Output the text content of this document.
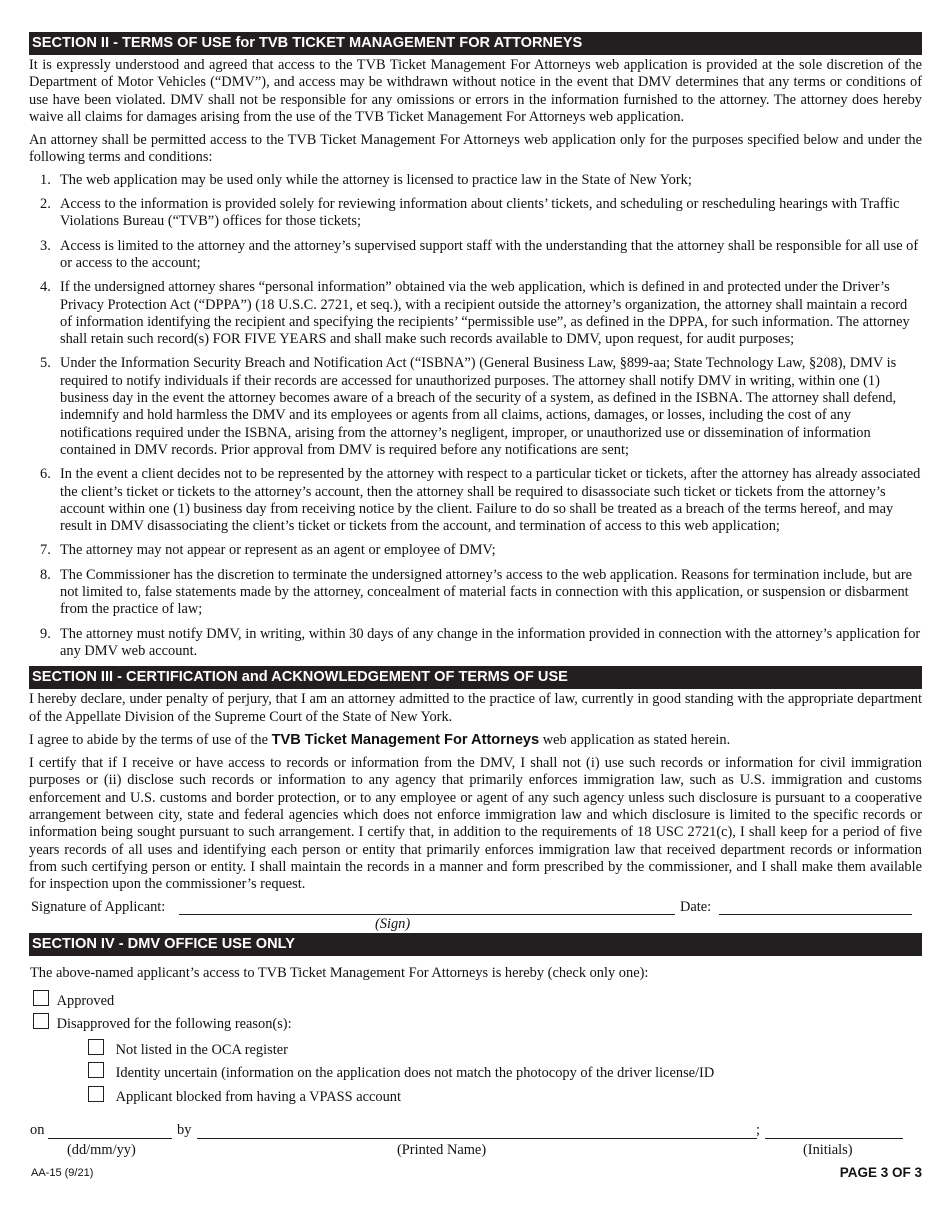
SECTION II - TERMS OF USE for TVB TICKET MANAGEMENT FOR ATTORNEYS

It is expressly understood and agreed that access to the TVB Ticket Management For Attorneys web application is provided at the sole discretion of the Department of Motor Vehicles (“DMV”), and access may be withdrawn without notice in the event that DMV determines that any terms or conditions of use have been violated. DMV shall not be responsible for any omissions or errors in the information furnished to the attorney. The attorney does hereby waive all claims for damages arising from the use of the TVB Ticket Management For Attorneys web application.

An attorney shall be permitted access to the TVB Ticket Management For Attorneys web application only for the purposes specified below and under the following terms and conditions:

1. The web application may be used only while the attorney is licensed to practice law in the State of New York;
2. Access to the information is provided solely for reviewing information about clients’ tickets, and scheduling or rescheduling hearings with Traffic Violations Bureau (“TVB”) offices for those tickets;
3. Access is limited to the attorney and the attorney’s supervised support staff with the understanding that the attorney shall be responsible for all use of or access to the account;
4. If the undersigned attorney shares “personal information” obtained via the web application, which is defined in and protected under the Driver’s Privacy Protection Act (“DPPA”) (18 U.S.C. 2721, et seq.), with a recipient outside the attorney’s organization, the attorney shall maintain a record of information identifying the recipient and specifying the recipients’ “permissible use”, as defined in the DPPA, for such information. The attorney shall retain such record(s) FOR FIVE YEARS and shall make such records available to DMV, upon request, for audit purposes;
5. Under the Information Security Breach and Notification Act (“ISBNA”) (General Business Law, §899-aa; State Technology Law, §208), DMV is required to notify individuals if their records are accessed for unauthorized purposes. The attorney shall notify DMV in writing, within one (1) business day in the event the attorney becomes aware of a breach of the security of a system, as defined in the ISBNA. The attorney shall defend, indemnify and hold harmless the DMV and its employees or agents from all claims, actions, damages, or losses, including the cost of any notifications required under the ISBNA, arising from the attorney’s negligent, improper, or unauthorized use or dissemination of information contained in DMV records. Prior approval from DMV is required before any notifications are sent;
6. In the event a client decides not to be represented by the attorney with respect to a particular ticket or tickets, after the attorney has already associated the client’s ticket or tickets to the attorney’s account, then the attorney shall be required to disassociate such ticket or tickets from the attorney’s account within one (1) business day from receiving notice by the client. Failure to do so shall be treated as a breach of the terms hereof, and may result in DMV disassociating the client’s ticket or tickets from the account, and termination of access to this web application;
7. The attorney may not appear or represent as an agent or employee of DMV;
8. The Commissioner has the discretion to terminate the undersigned attorney’s access to the web application. Reasons for termination include, but are not limited to, false statements made by the attorney, concealment of material facts in connection with this application, or suspension or disbarment from the practice of law;
9. The attorney must notify DMV, in writing, within 30 days of any change in the information provided in connection with the attorney’s application for any DMV web account.
SECTION III - CERTIFICATION and ACKNOWLEDGEMENT OF TERMS OF USE

I hereby declare, under penalty of perjury, that I am an attorney admitted to the practice of law, currently in good standing with the appropriate department of the Appellate Division of the Supreme Court of the State of New York.

I agree to abide by the terms of use of the TVB Ticket Management For Attorneys web application as stated herein.

I certify that if I receive or have access to records or information from the DMV, I shall not (i) use such records or information for civil immigration purposes or (ii) disclose such records or information to any agency that primarily enforces immigration law, such as U.S. immigration and customs enforcement and U.S. customs and border protection, or to any employee or agent of any such agency unless such disclosure is pursuant to a cooperative arrangement between city, state and federal agencies which does not enforce immigration law and which disclosure is limited to the specific records or information being sought pursuant to such arrangement. I certify that, in addition to the requirements of 18 USC 2721(c), I shall keep for a period of five years records of all uses and identifying each person or entity that primarily enforces immigration law that received department records or information from such certifying person or entity. I shall maintain the records in a manner and form prescribed by the commissioner, and I shall make them available for inspection upon the commissioner’s request.

Signature of Applicant:
(Sign)
Date:
SECTION IV - DMV OFFICE USE ONLY
The above-named applicant’s access to TVB Ticket Management For Attorneys is hereby (check only one):
Approved
Disapproved for the following reason(s):
Not listed in the OCA register
Identity uncertain (information on the application does not match the photocopy of the driver license/ID
Applicant blocked from having a VPASS account
on	by	;
(dd/mm/yy)	(Printed Name)	(Initials)
AA-15 (9/21)	PAGE 3 OF 3
